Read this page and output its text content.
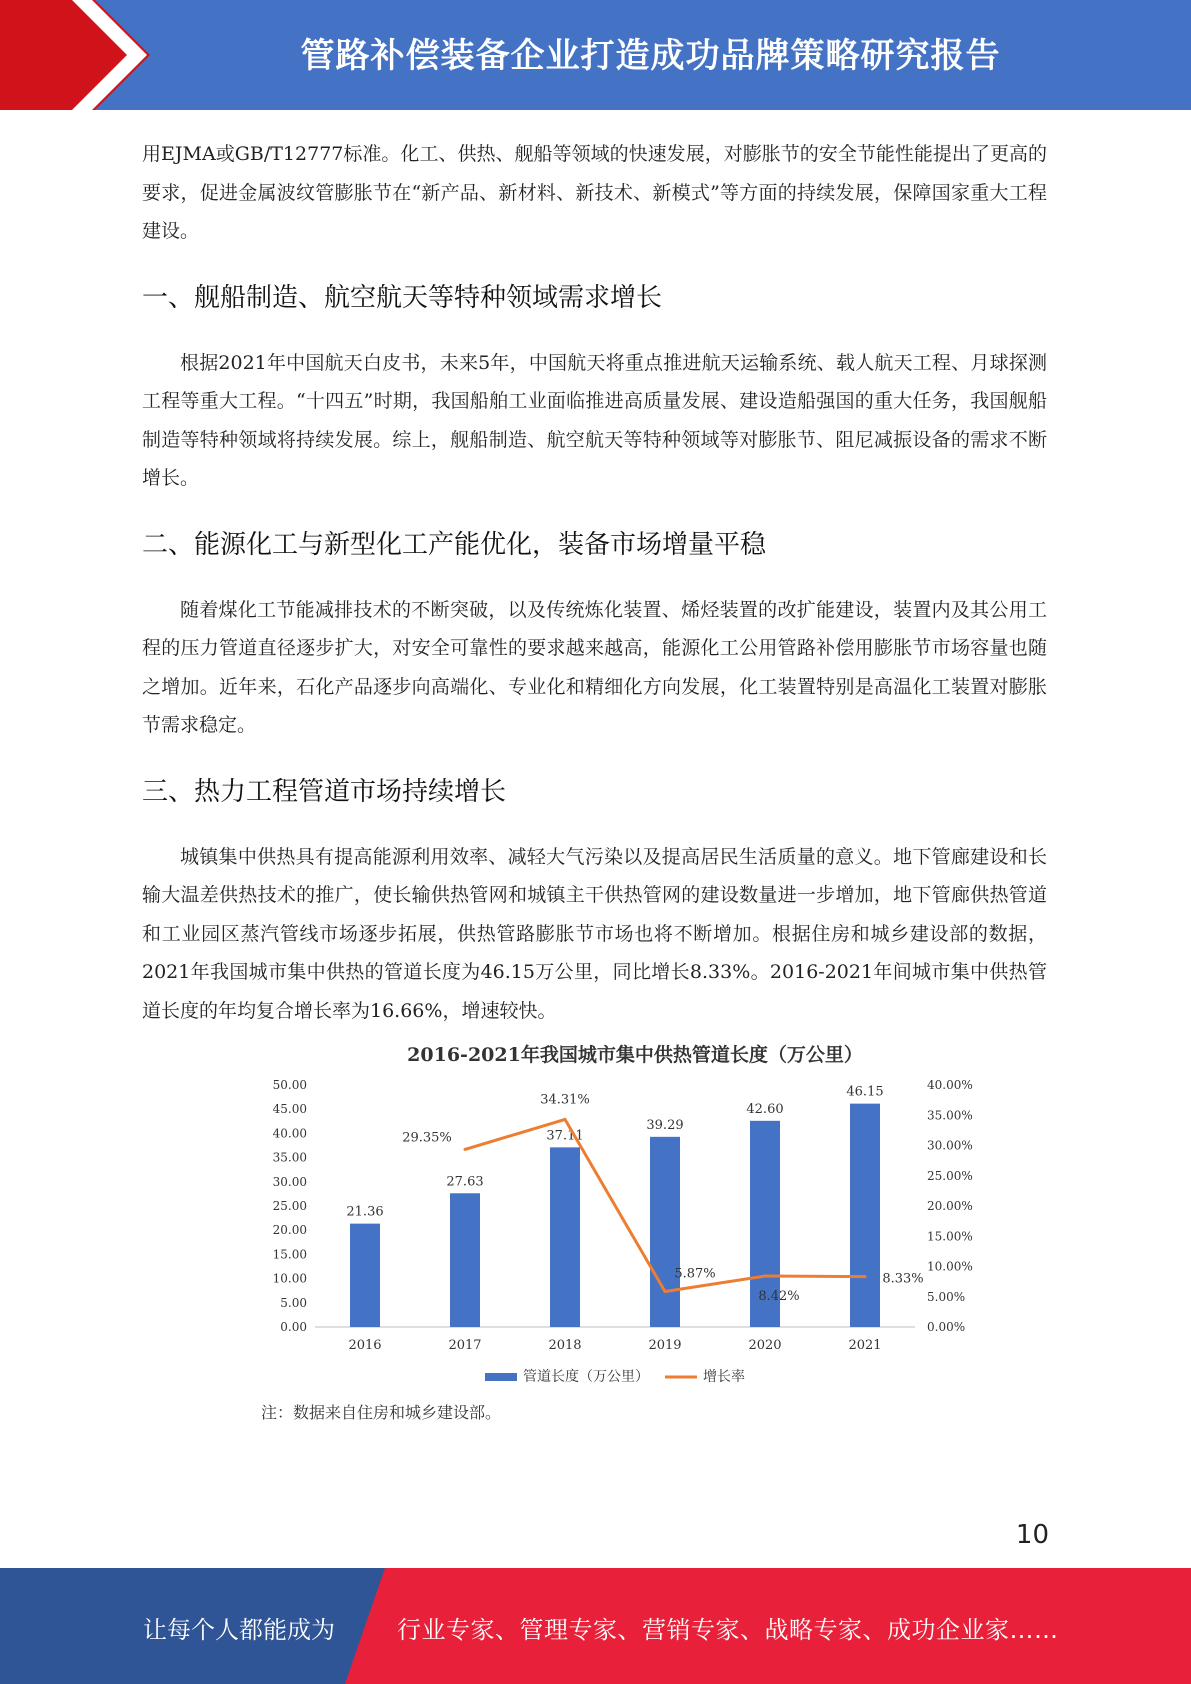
管路补偿装备企业打造成功品牌策略研究报告

用EJMA或GB/T12777标准。化工、供热、舰船等领域的快速发展，对膨胀节的安全节能性能提出了更高的要求，促进金属波纹管膨胀节在“新产品、新材料、新技术、新模式”等方面的持续发展，保障国家重大工程建设。

一、舰船制造、航空航天等特种领域需求增长

根据2021年中国航天白皮书，未来5年，中国航天将重点推进航天运输系统、载人航天工程、月球探测工程等重大工程。“十四五”时期，我国船舶工业面临推进高质量发展、建设造船强国的重大任务，我国舰船制造等特种领域将持续发展。综上，舰船制造、航空航天等特种领域等对膨胀节、阻尼减振设备的需求不断增长。

二、能源化工与新型化工产能优化，装备市场增量平稳

随着煤化工节能减排技术的不断突破，以及传统炼化装置、烯烃装置的改扩能建设，装置内及其公用工程的压力管道直径逐步扩大，对安全可靠性的要求越来越高，能源化工公用管路补偿用膨胀节市场容量也随之增加。近年来，石化产品逐步向高端化、专业化和精细化方向发展，化工装置特别是高温化工装置对膨胀节需求稳定。

三、热力工程管道市场持续增长

城镇集中供热具有提高能源利用效率、减轻大气污染以及提高居民生活质量的意义。地下管廊建设和长输大温差供热技术的推广，使长输供热管网和城镇主干供热管网的建设数量进一步增加，地下管廊供热管道和工业园区蒸汽管线市场逐步拓展，供热管路膨胀节市场也将不断增加。根据住房和城乡建设部的数据，2021年我国城市集中供热的管道长度为46.15万公里，同比增长8.33%。2016-2021年间城市集中供热管道长度的年均复合增长率为16.66%，增速较快。

2016-2021年我国城市集中供热管道长度（万公里）
0.00
5.00
10.00
15.00
20.00
25.00
30.00
35.00
40.00
45.00
50.00
0.00%
5.00%
10.00%
15.00%
20.00%
25.00%
30.00%
35.00%
40.00%
21.36
27.63
37.11
39.29
42.60
46.15
2016	2017	2018	2019	2020	2021
29.35%
34.31%
5.87%
8.42%
8.33%
管道长度（万公里）	增长率
注：数据来自住房和城乡建设部。
10
让每个人都能成为	行业专家、管理专家、营销专家、战略专家、成功企业家……
